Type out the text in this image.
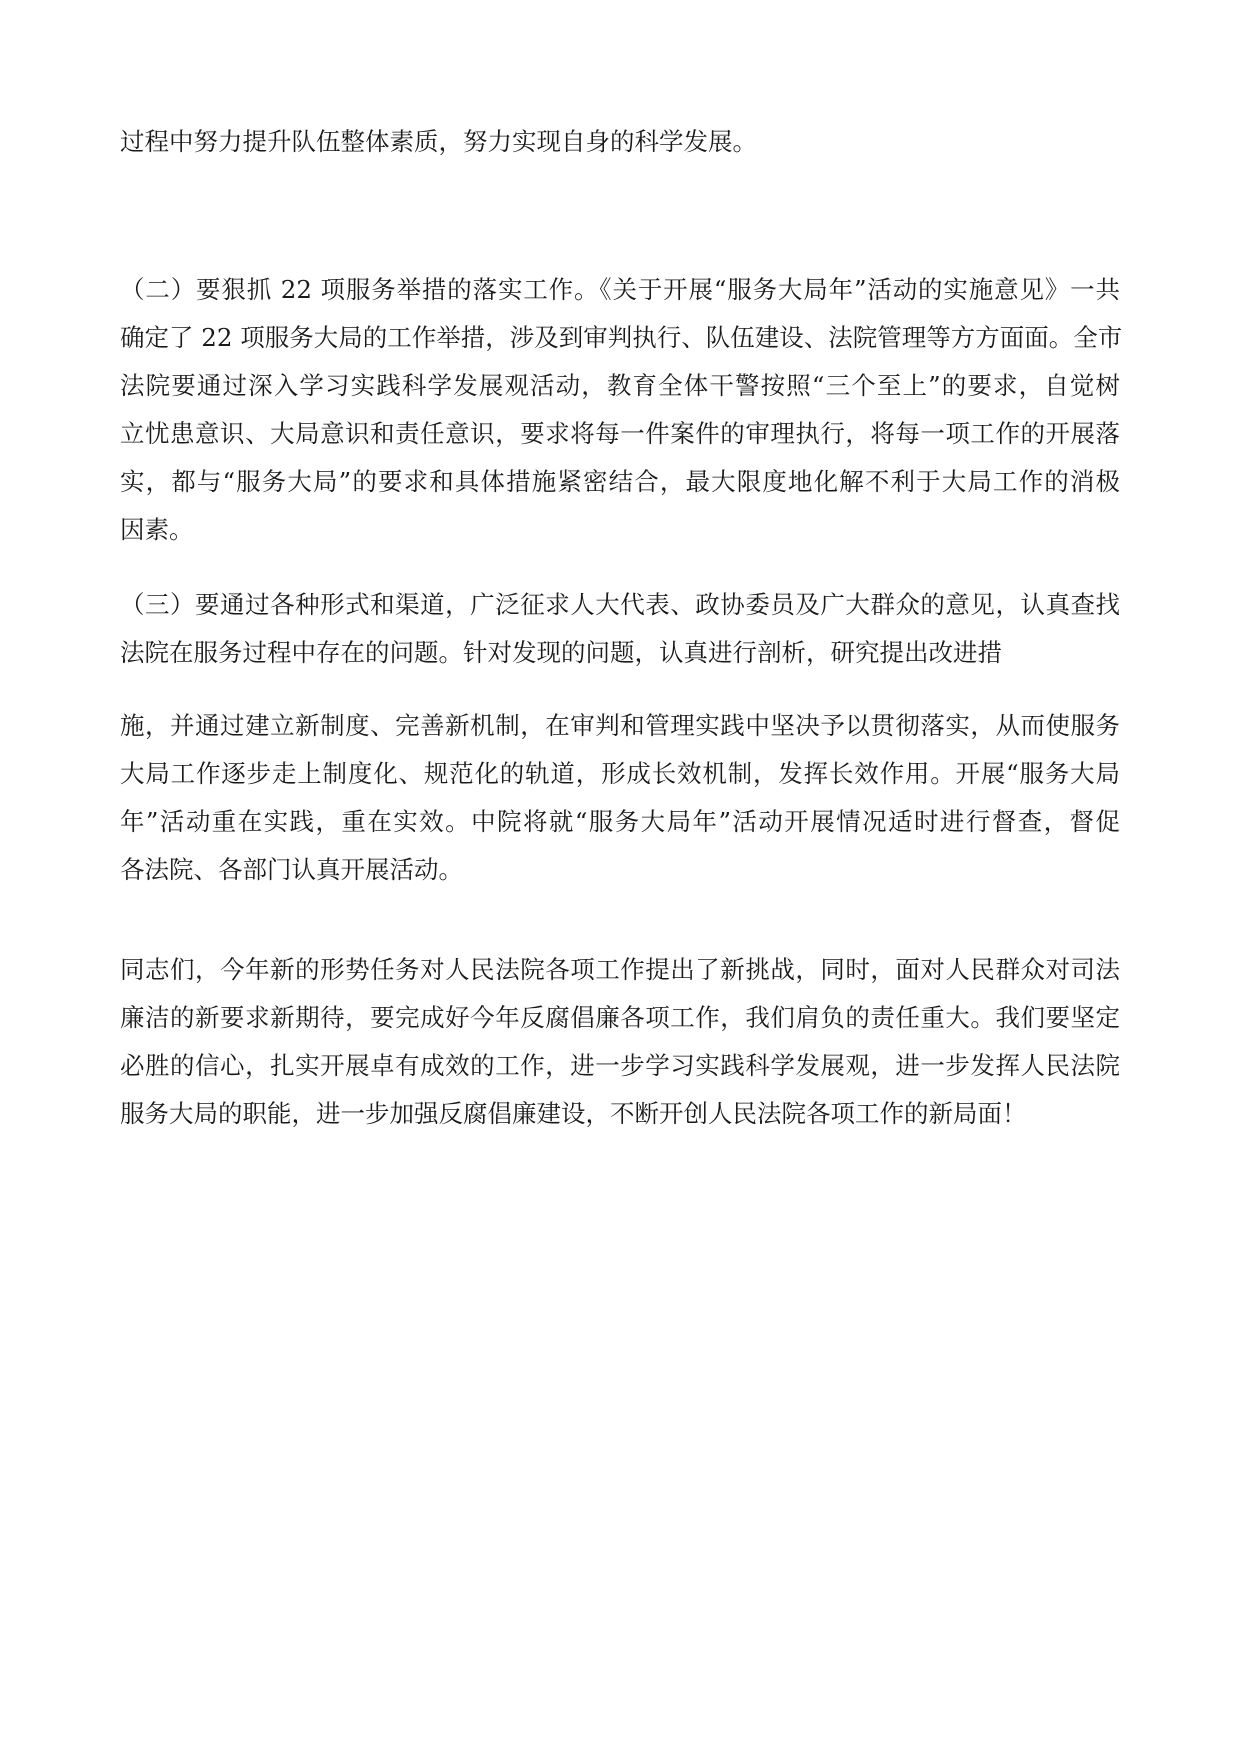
过程中努力提升队伍整体素质，努力实现自身的科学发展。
（二）要狠抓 22 项服务举措的落实工作。《关于开展“服务大局年”活动的实施意见》一共
确定了 22 项服务大局的工作举措，涉及到审判执行、队伍建设、法院管理等方方面面。全市
法院要通过深入学习实践科学发展观活动，教育全体干警按照“三个至上”的要求，自觉树
立忧患意识、大局意识和责任意识，要求将每一件案件的审理执行，将每一项工作的开展落
实，都与“服务大局”的要求和具体措施紧密结合，最大限度地化解不利于大局工作的消极
因素。
（三）要通过各种形式和渠道，广泛征求人大代表、政协委员及广大群众的意见，认真查找
法院在服务过程中存在的问题。针对发现的问题，认真进行剖析，研究提出改进措
施，并通过建立新制度、完善新机制，在审判和管理实践中坚决予以贯彻落实，从而使服务
大局工作逐步走上制度化、规范化的轨道，形成长效机制，发挥长效作用。开展“服务大局
年”活动重在实践，重在实效。中院将就“服务大局年”活动开展情况适时进行督查，督促
各法院、各部门认真开展活动。
同志们，今年新的形势任务对人民法院各项工作提出了新挑战，同时，面对人民群众对司法
廉洁的新要求新期待，要完成好今年反腐倡廉各项工作，我们肩负的责任重大。我们要坚定
必胜的信心，扎实开展卓有成效的工作，进一步学习实践科学发展观，进一步发挥人民法院
服务大局的职能，进一步加强反腐倡廉建设，不断开创人民法院各项工作的新局面！
